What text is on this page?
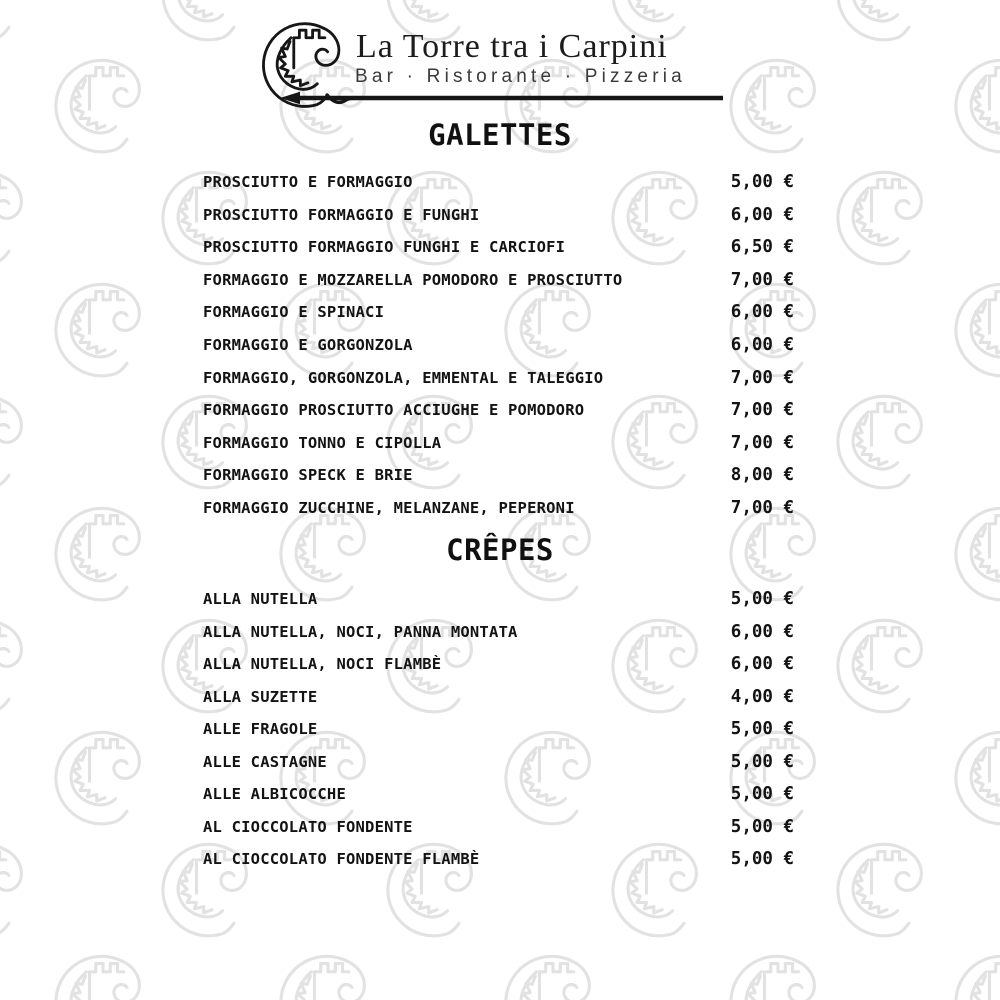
La Torre tra i Carpini
Bar · Ristorante · Pizzeria
GALETTES
PROSCIUTTO E FORMAGGIO	5,00 €
PROSCIUTTO FORMAGGIO E FUNGHI	6,00 €
PROSCIUTTO FORMAGGIO FUNGHI E CARCIOFI	6,50 €
FORMAGGIO E MOZZARELLA POMODORO E PROSCIUTTO	7,00 €
FORMAGGIO E SPINACI	6,00 €
FORMAGGIO E GORGONZOLA	6,00 €
FORMAGGIO, GORGONZOLA, EMMENTAL E TALEGGIO	7,00 €
FORMAGGIO PROSCIUTTO ACCIUGHE E POMODORO	7,00 €
FORMAGGIO TONNO E CIPOLLA	7,00 €
FORMAGGIO SPECK E BRIE	8,00 €
FORMAGGIO ZUCCHINE, MELANZANE, PEPERONI	7,00 €
CRÊPES
ALLA NUTELLA	5,00 €
ALLA NUTELLA, NOCI, PANNA MONTATA	6,00 €
ALLA NUTELLA, NOCI FLAMBÈ	6,00 €
ALLA SUZETTE	4,00 €
ALLE FRAGOLE	5,00 €
ALLE CASTAGNE	5,00 €
ALLE ALBICOCCHE	5,00 €
AL CIOCCOLATO FONDENTE	5,00 €
AL CIOCCOLATO FONDENTE FLAMBÈ	5,00 €
